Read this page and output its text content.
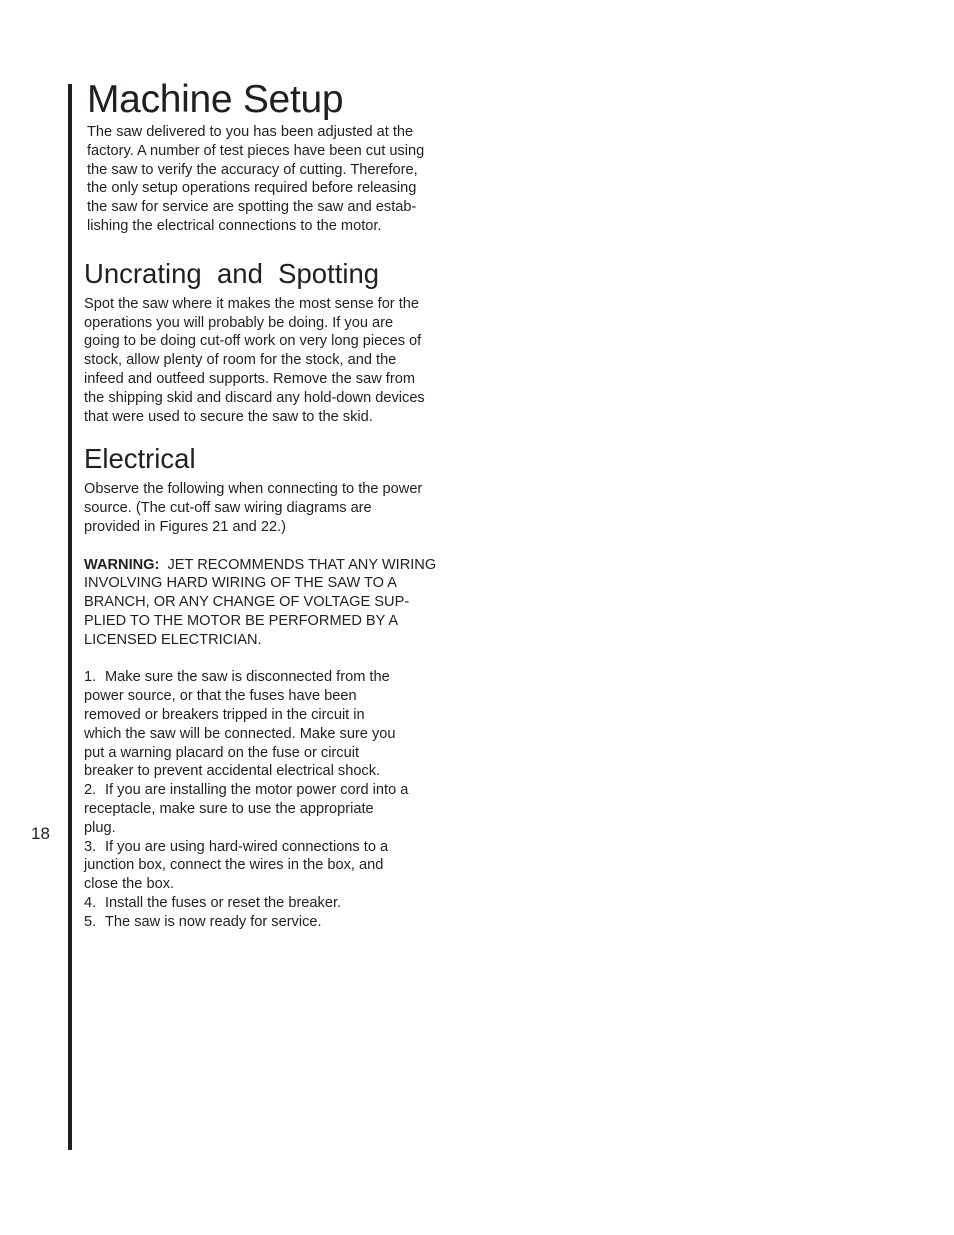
18
Machine Setup

The saw delivered to you has been adjusted at the
factory. A number of test pieces have been cut using
the saw to verify the accuracy of cutting. Therefore,
the only setup operations required before releasing
the saw for service are spotting the saw and estab-
lishing the electrical connections to the motor.

Uncrating  and  Spotting

Spot the saw where it makes the most sense for the
operations you will probably be doing. If you are
going to be doing cut-off work on very long pieces of
stock, allow plenty of room for the stock, and the
infeed and outfeed supports. Remove the saw from
the shipping skid and discard any hold-down devices
that were used to secure the saw to the skid.

Electrical

Observe the following when connecting to the power
source. (The cut-off saw wiring diagrams are
provided in Figures 21 and 22.)

WARNING:  JET RECOMMENDS THAT ANY WIRING
INVOLVING HARD WIRING OF THE SAW TO A
BRANCH, OR ANY CHANGE OF VOLTAGE SUP-
PLIED TO THE MOTOR BE PERFORMED BY A
LICENSED ELECTRICIAN.

1. Make sure the saw is disconnected from the
power source, or that the fuses have been
removed or breakers tripped in the circuit in
which the saw will be connected. Make sure you
put a warning placard on the fuse or circuit
breaker to prevent accidental electrical shock.
2. If you are installing the motor power cord into a
receptacle, make sure to use the appropriate
plug.
3. If you are using hard-wired connections to a
junction box, connect the wires in the box, and
close the box.
4. Install the fuses or reset the breaker.
5. The saw is now ready for service.
